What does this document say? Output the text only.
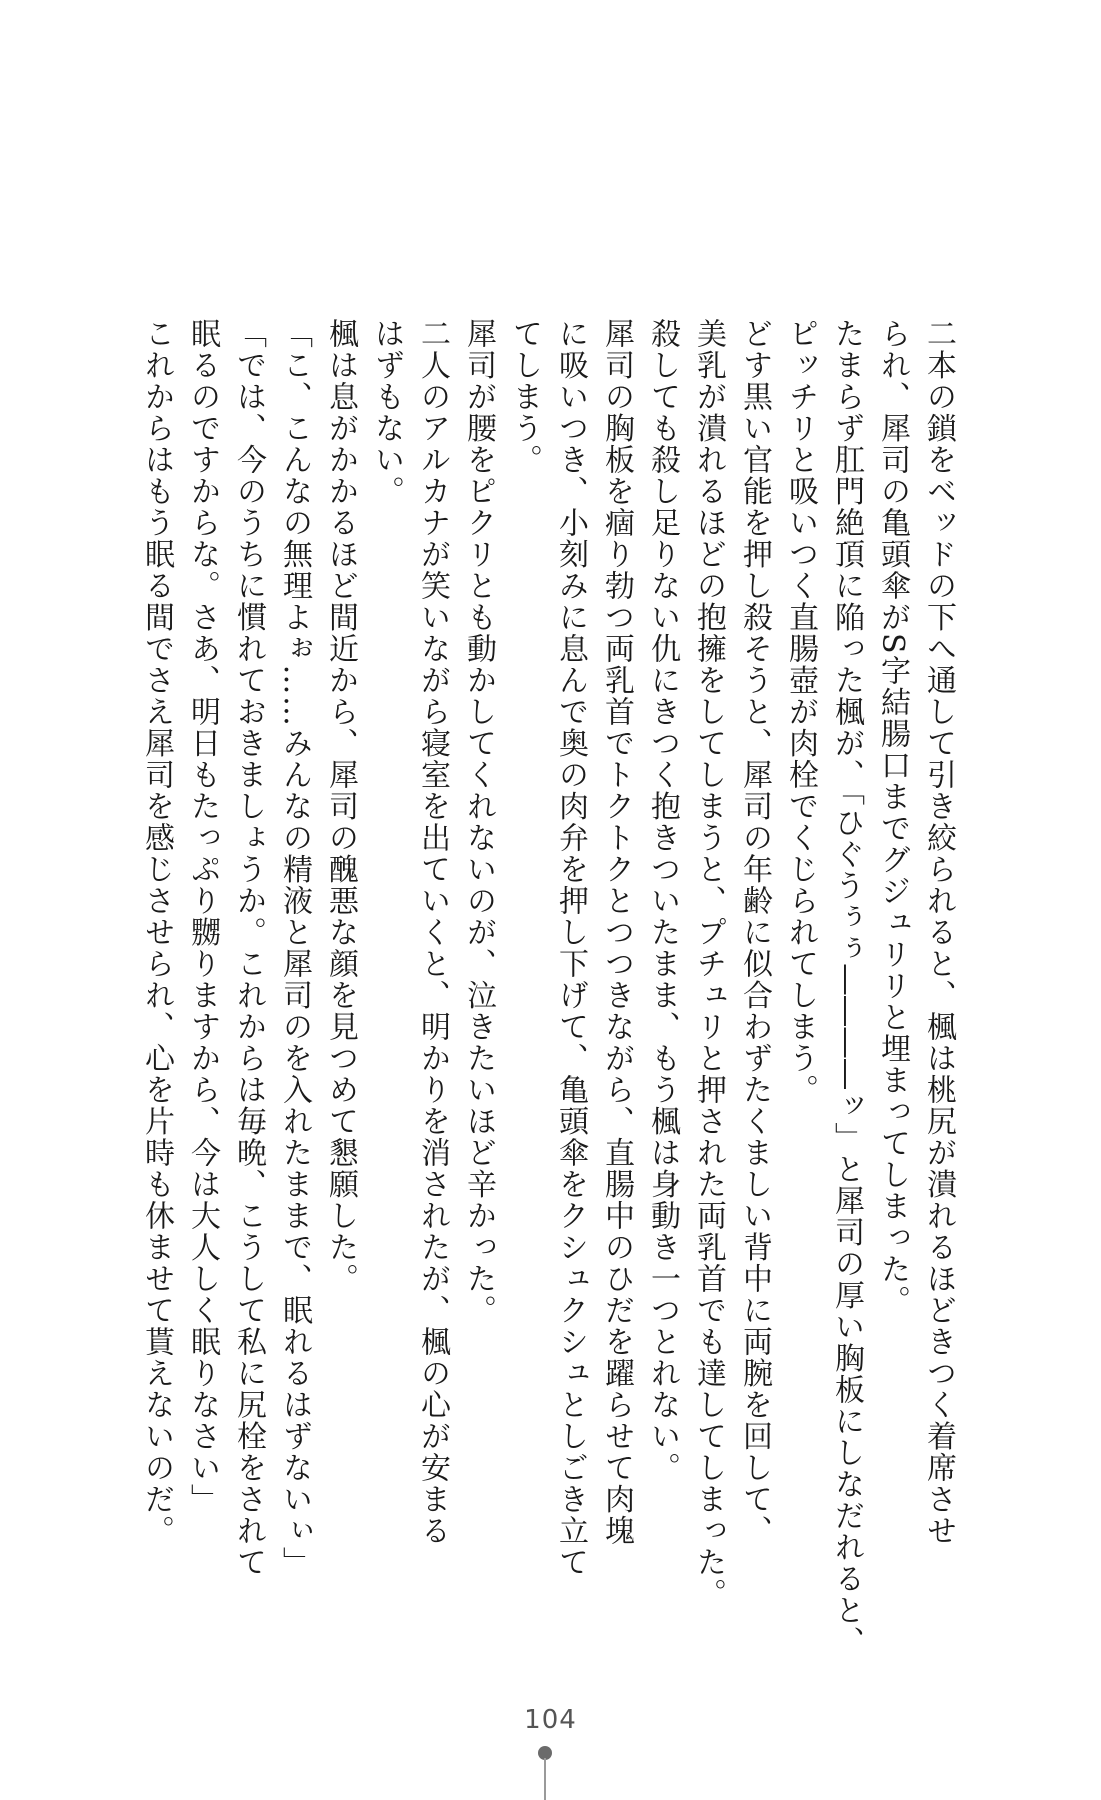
二本の鎖をベッドの下へ通して引き絞られると、楓は桃尻が潰れるほどきつく着席させ
られ、犀司の亀頭傘がS字結腸口までグジュリリと埋まってしまった。
たまらず肛門絶頂に陥った楓が、「ひぐうぅぅ――――ッ」と犀司の厚い胸板にしなだれると、
ピッチリと吸いつく直腸壺が肉栓でくじられてしまう。
どす黒い官能を押し殺そうと、犀司の年齢に似合わずたくましい背中に両腕を回して、
美乳が潰れるほどの抱擁をしてしまうと、プチュリと押された両乳首でも達してしまった。
殺しても殺し足りない仇にきつく抱きついたまま、もう楓は身動き一つとれない。
犀司の胸板を痼り勃つ両乳首でトクトクとつつきながら、直腸中のひだを躍らせて肉塊
に吸いつき、小刻みに息んで奥の肉弁を押し下げて、亀頭傘をクシュクシュとしごき立て
てしまう。
犀司が腰をピクリとも動かしてくれないのが、泣きたいほど辛かった。
二人のアルカナが笑いながら寝室を出ていくと、明かりを消されたが、楓の心が安まる
はずもない。
楓は息がかかるほど間近から、犀司の醜悪な顔を見つめて懇願した。
「こ、こんなの無理よぉ……みんなの精液と犀司のを入れたままで、眠れるはずないぃ」
「では、今のうちに慣れておきましょうか。これからは毎晩、こうして私に尻栓をされて
眠るのですからな。さあ、明日もたっぷり嬲りますから、今は大人しく眠りなさい」
これからはもう眠る間でさえ犀司を感じさせられ、心を片時も休ませて貰えないのだ。
104
